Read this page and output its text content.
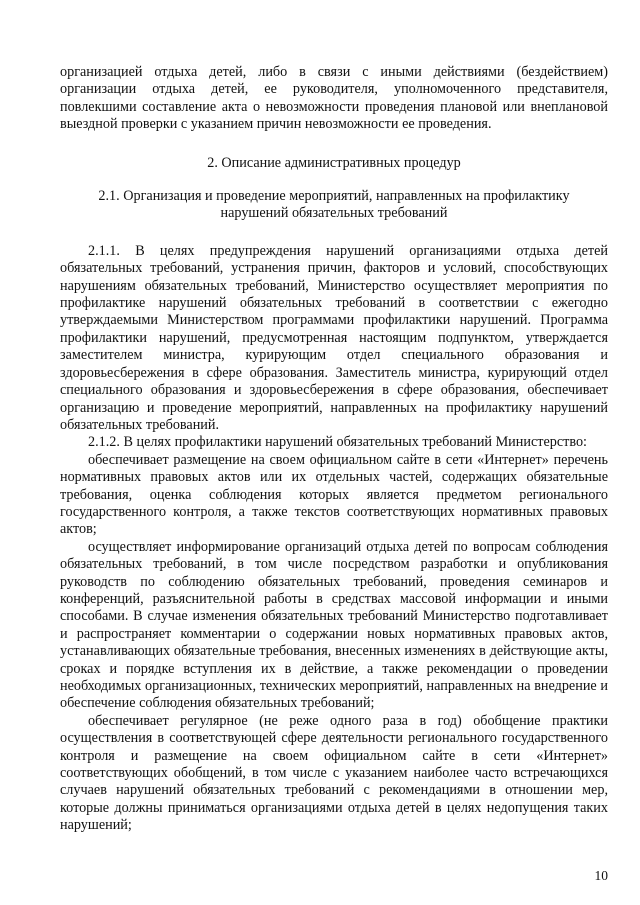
организацией отдыха детей, либо в связи с иными действиями (бездействием) организации отдыха детей, ее руководителя, уполномоченного представителя, повлекшими составление акта о невозможности проведения плановой или внеплановой выездной проверки с указанием причин невозможности ее проведения.

2. Описание административных процедур

2.1. Организация и проведение мероприятий, направленных на профилактику нарушений обязательных требований

2.1.1. В целях предупреждения нарушений организациями отдыха детей обязательных требований, устранения причин, факторов и условий, способствующих нарушениям обязательных требований, Министерство осуществляет мероприятия по профилактике нарушений обязательных требований в соответствии с ежегодно утверждаемыми Министерством программами профилактики нарушений. Программа профилактики нарушений, предусмотренная настоящим подпунктом, утверждается заместителем министра, курирующим отдел специального образования и здоровьесбережения в сфере образования. Заместитель министра, курирующий отдел специального образования и здоровьесбережения в сфере образования, обеспечивает организацию и проведение мероприятий, направленных на профилактику нарушений обязательных требований.

2.1.2. В целях профилактики нарушений обязательных требований Министерство:

обеспечивает размещение на своем официальном сайте в сети «Интернет» перечень нормативных правовых актов или их отдельных частей, содержащих обязательные требования, оценка соблюдения которых является предметом регионального государственного контроля, а также текстов соответствующих нормативных правовых актов;

осуществляет информирование организаций отдыха детей по вопросам соблюдения обязательных требований, в том числе посредством разработки и опубликования руководств по соблюдению обязательных требований, проведения семинаров и конференций, разъяснительной работы в средствах массовой информации и иными способами. В случае изменения обязательных требований Министерство подготавливает и распространяет комментарии о содержании новых нормативных правовых актов, устанавливающих обязательные требования, внесенных изменениях в действующие акты, сроках и порядке вступления их в действие, а также рекомендации о проведении необходимых организационных, технических мероприятий, направленных на внедрение и обеспечение соблюдения обязательных требований;

обеспечивает регулярное (не реже одного раза в год) обобщение практики осуществления в соответствующей сфере деятельности регионального государственного контроля и размещение на своем официальном сайте в сети «Интернет» соответствующих обобщений, в том числе с указанием наиболее часто встречающихся случаев нарушений обязательных требований с рекомендациями в отношении мер, которые должны приниматься организациями отдыха детей в целях недопущения таких нарушений;

10
